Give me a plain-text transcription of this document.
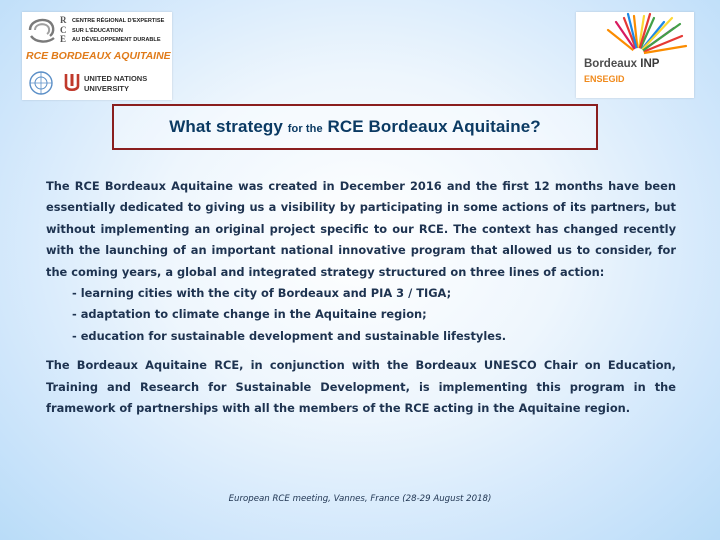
R
C
E
CENTRE RÉGIONAL D'EXPERTISE
SUR L'ÉDUCATION
AU DÉVELOPPEMENT DURABLE
RCE BORDEAUX AQUITAINE
UNITED NATIONS
UNIVERSITY
Bordeaux INP
ENSEGID
What strategy for the RCE Bordeaux Aquitaine?

The RCE Bordeaux Aquitaine was created in December 2016 and the first 12 months have been essentially dedicated to giving us a visibility by participating in some actions of its partners, but without implementing an original project specific to our RCE. The context has changed recently with the launching of an important national innovative program that allowed us to consider, for the coming years, a global and integrated strategy structured on three lines of action:

- learning cities with the city of Bordeaux and PIA 3 / TIGA;
- adaptation to climate change in the Aquitaine region;
- education for sustainable development and sustainable lifestyles.

The Bordeaux Aquitaine RCE, in conjunction with the Bordeaux UNESCO Chair on Education, Training and Research for Sustainable Development, is implementing this program in the framework of partnerships with all the members of the RCE acting in the Aquitaine region.

European RCE meeting, Vannes, France (28-29 August 2018)
